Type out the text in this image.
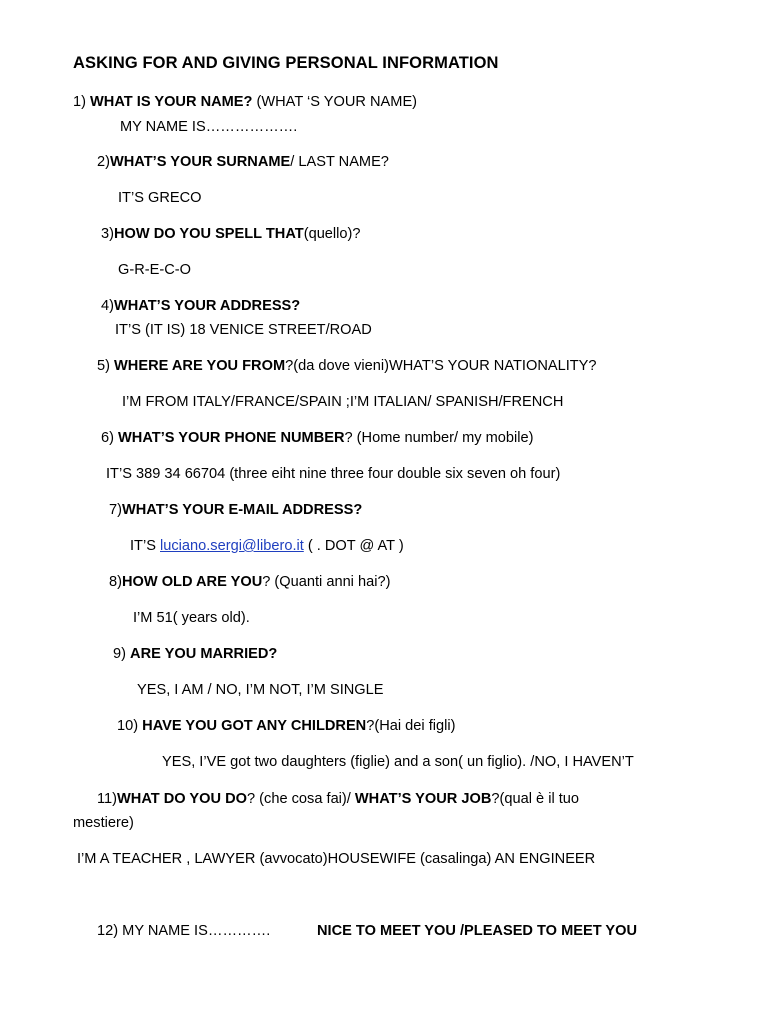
ASKING FOR AND GIVING PERSONAL INFORMATION
1) WHAT IS YOUR NAME? (WHAT ‘S YOUR NAME)
MY NAME IS……………….
2)WHAT’S YOUR SURNAME/ LAST NAME?
IT’S GRECO
3)HOW DO YOU SPELL THAT(quello)?
G-R-E-C-O
4)WHAT’S YOUR ADDRESS?
IT’S (IT IS) 18 VENICE STREET/ROAD
5) WHERE ARE YOU FROM?(da dove vieni)WHAT’S YOUR NATIONALITY?
I’M FROM ITALY/FRANCE/SPAIN ;I’M ITALIAN/ SPANISH/FRENCH
6) WHAT’S YOUR PHONE NUMBER? (Home number/ my mobile)
IT’S 389 34 66704 (three eiht nine three four double six seven oh four)
7)WHAT’S YOUR E-MAIL ADDRESS?
IT’S luciano.sergi@libero.it ( . DOT @ AT )
8)HOW OLD ARE YOU? (Quanti anni hai?)
I’M 51( years old).
9) ARE YOU MARRIED?
YES, I AM / NO, I’M NOT, I’M SINGLE
10) HAVE YOU GOT ANY CHILDREN?(Hai dei figli)
YES, I’VE got two daughters (figlie) and a son( un figlio). /NO, I HAVEN’T
11)WHAT DO YOU DO? (che cosa fai)/ WHAT’S YOUR JOB?(qual è il tuo
mestiere)
I’M A TEACHER , LAWYER (avvocato)HOUSEWIFE (casalinga) AN ENGINEER
12) MY NAME IS………….	NICE TO MEET YOU /PLEASED TO MEET YOU
